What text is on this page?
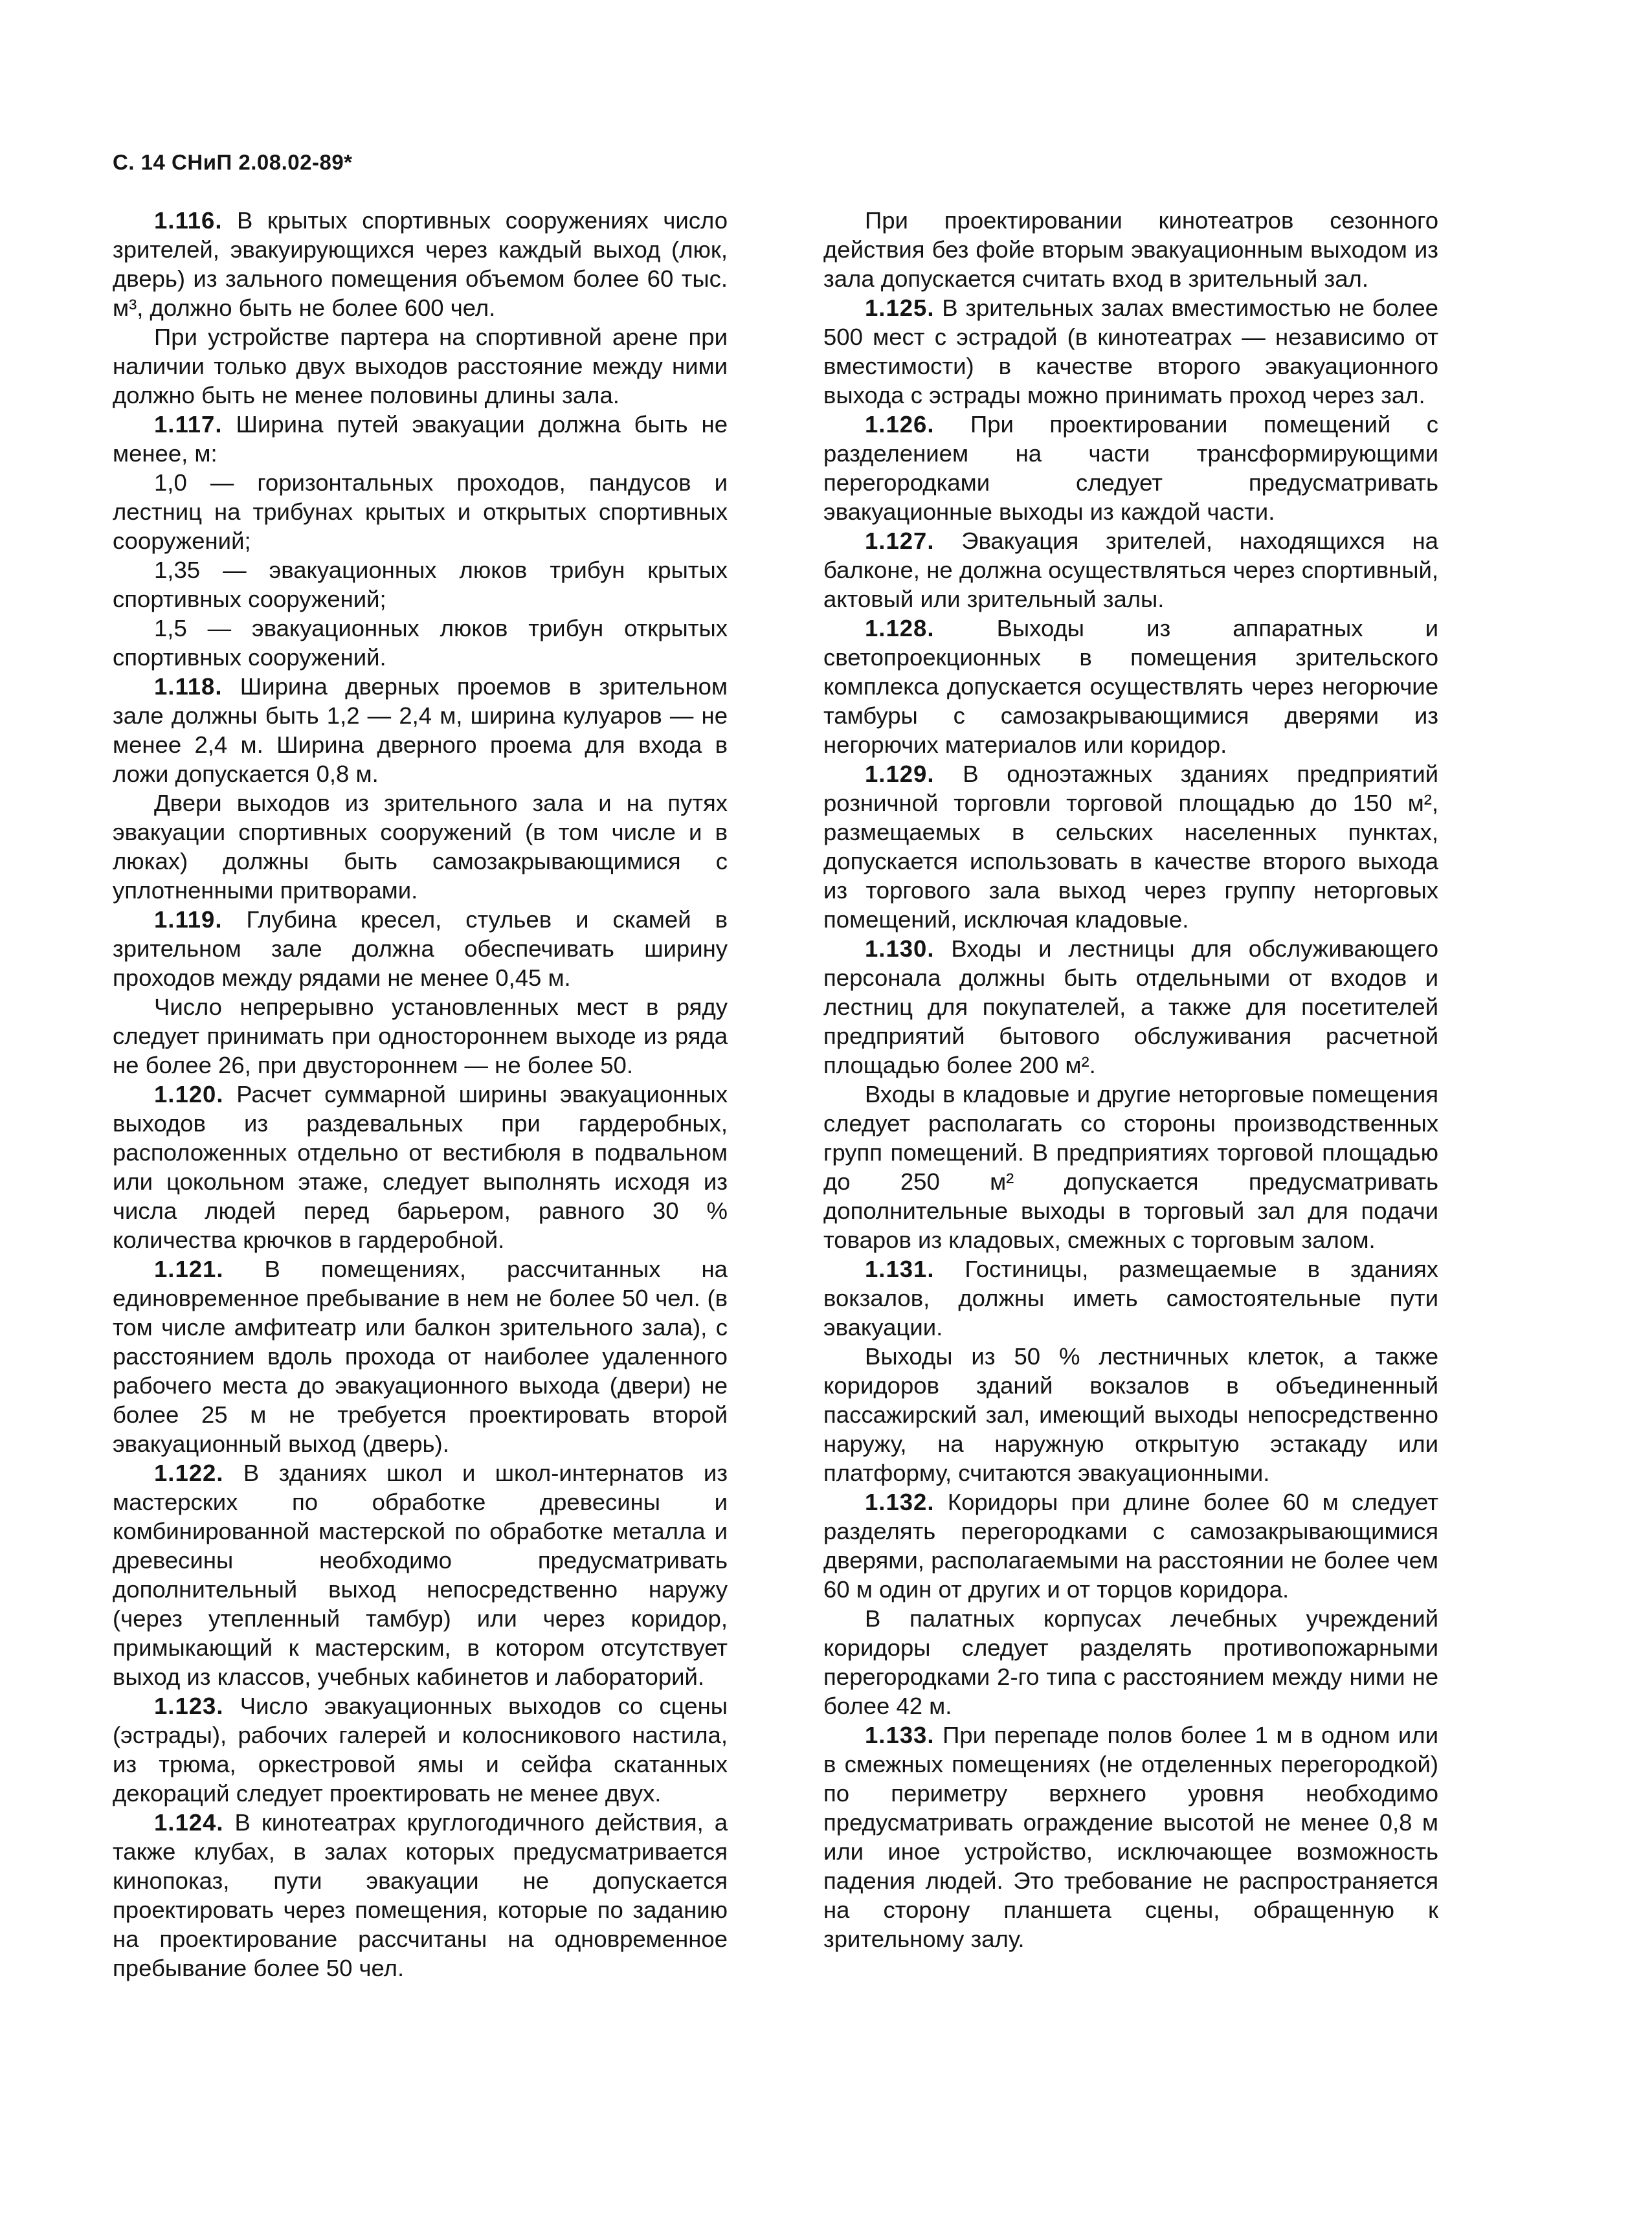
С. 14 СНиП 2.08.02-89*

1.116. В крытых спортивных сооружениях число зрителей, эвакуирующихся через каждый выход (люк, дверь) из зального помещения объемом более 60 тыс. м³, должно быть не более 600 чел.

При устройстве партера на спортивной арене при наличии только двух выходов расстояние между ними должно быть не менее половины длины зала.

1.117. Ширина путей эвакуации должна быть не менее, м:

1,0 — горизонтальных проходов, пандусов и лестниц на трибунах крытых и открытых спортивных сооружений;

1,35 — эвакуационных люков трибун крытых спортивных сооружений;

1,5 — эвакуационных люков трибун открытых спортивных сооружений.

1.118. Ширина дверных проемов в зрительном зале должны быть 1,2 — 2,4 м, ширина кулуаров — не менее 2,4 м. Ширина дверного проема для входа в ложи допускается 0,8 м.

Двери выходов из зрительного зала и на путях эвакуации спортивных сооружений (в том числе и в люках) должны быть самозакрывающимися с уплотненными притворами.

1.119. Глубина кресел, стульев и скамей в зрительном зале должна обеспечивать ширину проходов между рядами не менее 0,45 м.

Число непрерывно установленных мест в ряду следует принимать при одностороннем выходе из ряда не более 26, при двустороннем — не более 50.

1.120. Расчет суммарной ширины эвакуационных выходов из раздевальных при гардеробных, расположенных отдельно от вестибюля в подвальном или цокольном этаже, следует выполнять исходя из числа людей перед барьером, равного 30 % количества крючков в гардеробной.

1.121. В помещениях, рассчитанных на единовременное пребывание в нем не более 50 чел. (в том числе амфитеатр или балкон зрительного зала), с расстоянием вдоль прохода от наиболее удаленного рабочего места до эвакуационного выхода (двери) не более 25 м не требуется проектировать второй эвакуационный выход (дверь).

1.122. В зданиях школ и школ-интернатов из мастерских по обработке древесины и комбинированной мастерской по обработке металла и древесины необходимо предусматривать дополнительный выход непосредственно наружу (через утепленный тамбур) или через коридор, примыкающий к мастерским, в котором отсутствует выход из классов, учебных кабинетов и лабораторий.

1.123. Число эвакуационных выходов со сцены (эстрады), рабочих галерей и колосникового настила, из трюма, оркестровой ямы и сейфа скатанных декораций следует проектировать не менее двух.

1.124. В кинотеатрах круглогодичного действия, а также клубах, в залах которых предусматривается кинопоказ, пути эвакуации не допускается проектировать через помещения, которые по заданию на проектирование рассчитаны на одновременное пребывание более 50 чел.

При проектировании кинотеатров сезонного действия без фойе вторым эвакуационным выходом из зала допускается считать вход в зрительный зал.

1.125. В зрительных залах вместимостью не более 500 мест с эстрадой (в кинотеатрах — независимо от вместимости) в качестве второго эвакуационного выхода с эстрады можно принимать проход через зал.

1.126. При проектировании помещений с разделением на части трансформирующими перегородками следует предусматривать эвакуационные выходы из каждой части.

1.127. Эвакуация зрителей, находящихся на балконе, не должна осуществляться через спортивный, актовый или зрительный залы.

1.128.	Выходы из аппаратных и светопроекционных в помещения зрительского комплекса допускается осуществлять через негорючие тамбуры с самозакрывающимися дверями из негорючих материалов или коридор.

1.129. В одноэтажных зданиях предприятий розничной торговли торговой площадью до 150 м², размещаемых в сельских населенных пунктах, допускается использовать в качестве второго выхода из торгового зала выход через группу неторговых помещений, исключая кладовые.

1.130. Входы и лестницы для обслуживающего персонала должны быть отдельными от входов и лестниц для покупателей, а также для посетителей предприятий бытового обслуживания расчетной площадью более 200 м².

Входы в кладовые и другие неторговые помещения следует располагать со стороны производственных групп помещений. В предприятиях торговой площадью до 250 м² допускается предусматривать дополнительные выходы в торговый зал для подачи товаров из кладовых, смежных с торговым залом.

1.131. Гостиницы, размещаемые в зданиях вокзалов, должны иметь самостоятельные пути эвакуации.

Выходы из 50 % лестничных клеток, а также коридоров зданий вокзалов в объединенный пассажирский зал, имеющий выходы непосредственно наружу, на наружную открытую эстакаду или платформу, считаются эвакуационными.

1.132. Коридоры при длине более 60 м следует разделять перегородками с самозакрывающимися дверями, располагаемыми на расстоянии не более чем 60 м один от других и от торцов коридора.

В палатных корпусах лечебных учреждений коридоры следует разделять противопожарными перегородками 2-го типа с расстоянием между ними не более 42 м.

1.133. При перепаде полов более 1 м в одном или в смежных помещениях (не отделенных перегородкой) по периметру верхнего уровня необходимо предусматривать ограждение высотой не менее 0,8 м или иное устройство, исключающее возможность падения людей. Это требование не распространяется на сторону планшета сцены, обращенную к зрительному залу.
